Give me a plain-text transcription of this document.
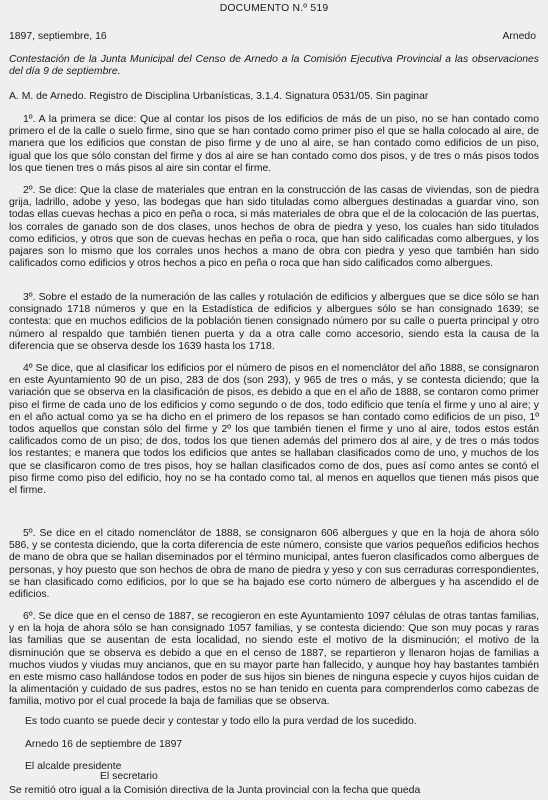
DOCUMENTO N.º 519
1897, septiembre, 16	Arnedo
Contestación de la Junta Municipal del Censo de Arnedo a la Comisión Ejecutiva Provincial a las observaciones del día 9 de septiembre.
A. M. de Arnedo. Registro de Disciplina Urbanísticas, 3.1.4. Signatura 0531/05. Sin paginar

1º. A la primera se dice: Que al contar los pisos de los edificios de más de un piso, no se han contado como primero el de la calle o suelo firme, sino que se han contado como primer piso el que se halla colocado al aire, de manera que los edificios que constan de piso firme y de uno al aire, se han contado como edificios de un piso, igual que los que sólo constan del firme y dos al aire se han contado como dos pisos, y de tres o más pisos todos los que tienen tres o más pisos al aire sin contar el firme.

2º. Se dice: Que la clase de materiales que entran en la construcción de las casas de viviendas, son de piedra grija, ladrillo, adobe y yeso, las bodegas que han sido tituladas como albergues destinadas a guardar vino, son todas ellas cuevas hechas a pico en peña o roca, si más materiales de obra que el de la colocación de las puertas, los corrales de ganado son de dos clases, unos hechos de obra de piedra y yeso, los cuales han sido titulados como edificios, y otros que son de cuevas hechas en peña o roca, que han sido calificadas como albergues, y los pajares son lo mismo que los corrales unos hechos a mano de obra con piedra y yeso que también han sido calificados como edificios y otros hechos a pico en peña o roca que han sido calificados como albergues.

3º. Sobre el estado de la numeración de las calles y rotulación de edificios y albergues que se dice sólo se han consignado 1718 números y que en la Estadística de edificios y albergues sólo se han consignado 1639; se contesta: que en muchos edificios de la población tienen consignado número por su calle o puerta principal y otro número al respaldo que también tienen puerta y da a otra calle como accesorio, siendo esta la causa de la diferencia que se observa desde los 1639 hasta los 1718.

4º Se dice, que al clasificar los edificios por el número de pisos en el nomenclátor del año 1888, se consignaron en este Ayuntamiento 90 de un piso, 283 de dos (son 293), y 965 de tres o más, y se contesta diciendo; que la variación que se observa en la clasificación de pisos, es debido a que en el año de 1888, se contaron como primer piso el firme de cada uno de los edificios y como segundo o de dos, todo edificio que tenía el firme y uno al aire; y en el año actual como ya se ha dicho en el primero de los repasos se han contado como edificios de un piso, 1º todos aquellos que constan sólo del firme y 2º los que también tienen el firme y uno al aire, todos estos están calificados como de un piso; de dos, todos los que tienen además del primero dos al aire, y de tres o más todos los restantes; e manera que todos los edificios que antes se hallaban clasificados como de uno, y muchos de los que se clasificaron como de tres pisos, hoy se hallan clasificados como de dos, pues así como antes se contó el piso firme como piso del edificio, hoy no se ha contado como tal, al menos en aquellos que tienen más pisos que el firme.

5º. Se dice en el citado nomenclátor de 1888, se consignaron 606 albergues y que en la hoja de ahora sólo 586, y se contesta diciendo, que la corta diferencia de este número, consiste que varios pequeños edificios hechos de mano de obra que se hallan diseminados por el término municipal, antes fueron clasificados como albergues de personas, y hoy puesto que son hechos de obra de mano de piedra y yeso y con sus cerraduras correspondientes, se han clasificado como edificios, por lo que se ha bajado ese corto número de albergues y ha ascendido el de edificios.

6º. Se dice que en el censo de 1887, se recogieron en este Ayuntamiento 1097 células de otras tantas familias, y en la hoja de ahora sólo se han consignado 1057 familias, y se contesta diciendo: Que son muy pocas y raras las familias que se ausentan de esta localidad, no siendo este el motivo de la disminución; el motivo de la disminución que se observa es debido a que en el censo de 1887, se repartieron y llenaron hojas de familias a muchos viudos y viudas muy ancianos, que en su mayor parte han fallecido, y aunque hoy hay bastantes también en este mismo caso hallándose todos en poder de sus hijos sin bienes de ninguna especie y cuyos hijos cuidan de la alimentación y cuidado de sus padres, estos no se han tenido en cuenta para comprenderlos como cabezas de familia, motivo por el cual procede la baja de familias que se observa.

Es todo cuanto se puede decir y contestar y todo ello la pura verdad de los sucedido.
Arnedo 16 de septiembre de 1897
El alcalde presidente
El secretario
Se remitió otro igual a la Comisión directiva de la Junta provincial con la fecha que queda
